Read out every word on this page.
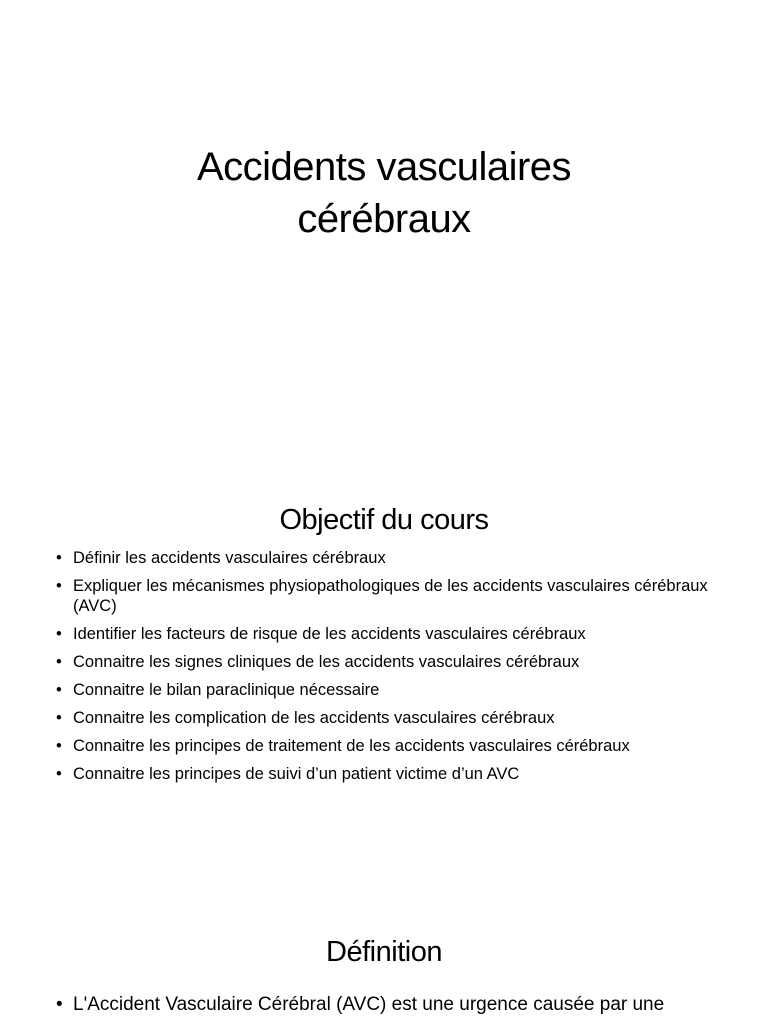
Accidents vasculaires
cérébraux
Objectif du cours
• Définir les accidents vasculaires cérébraux
• Expliquer les mécanismes physiopathologiques de les accidents vasculaires cérébraux (AVC)
• Identifier les facteurs de risque de les accidents vasculaires cérébraux
• Connaitre les signes cliniques de les accidents vasculaires cérébraux
• Connaitre le bilan paraclinique nécessaire
• Connaitre les complication de les accidents vasculaires cérébraux
• Connaitre les principes de traitement de les accidents vasculaires cérébraux
• Connaitre les principes de suivi d’un patient victime d’un AVC
Définition
• L'Accident Vasculaire Cérébral (AVC) est une urgence causée par une
